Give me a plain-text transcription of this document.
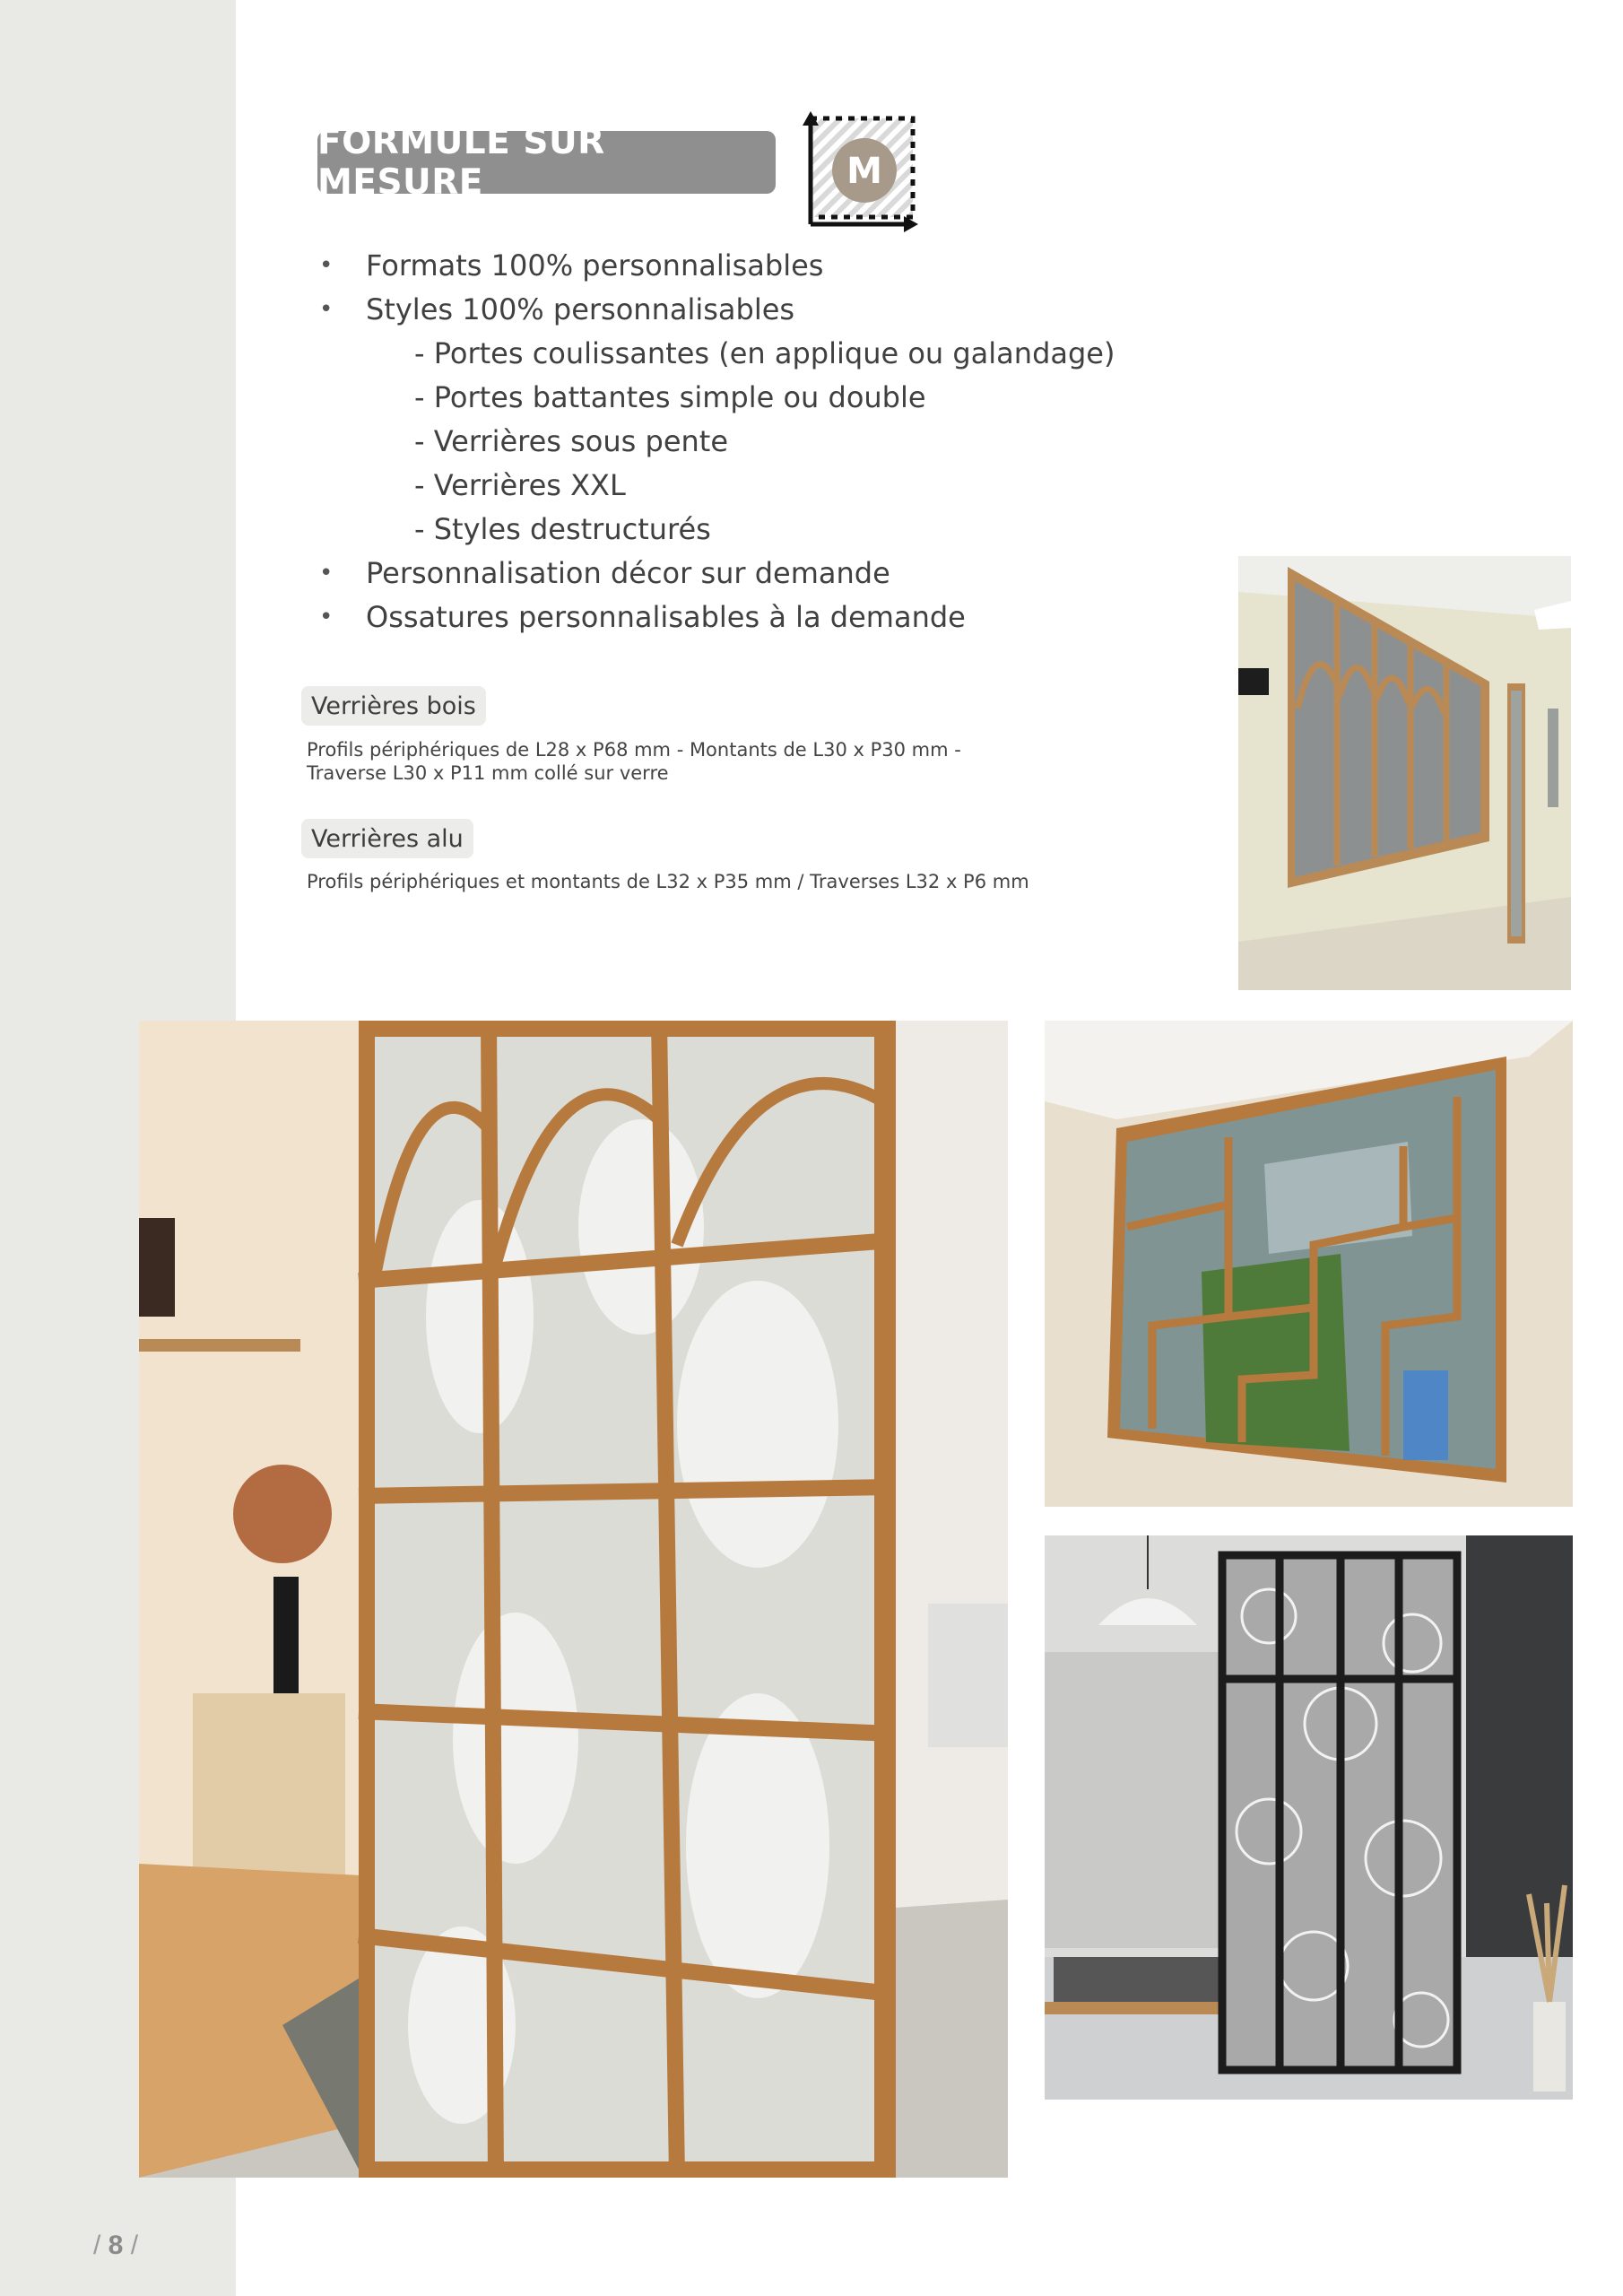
FORMULE SUR MESURE	M
• Formats 100% personnalisables
• Styles 100% personnalisables
- Portes coulissantes (en applique ou galandage)
- Portes battantes simple ou double
- Verrières sous pente
- Verrières XXL
- Styles destructurés
• Personnalisation décor sur demande
• Ossatures personnalisables à la demande
Verrières bois
Profils périphériques de L28 x P68 mm - Montants de L30 x P30 mm -
Traverse L30 x P11 mm collé sur verre
Verrières alu
Profils périphériques et montants de L32 x P35 mm / Traverses L32 x P6 mm
/ 8 /
